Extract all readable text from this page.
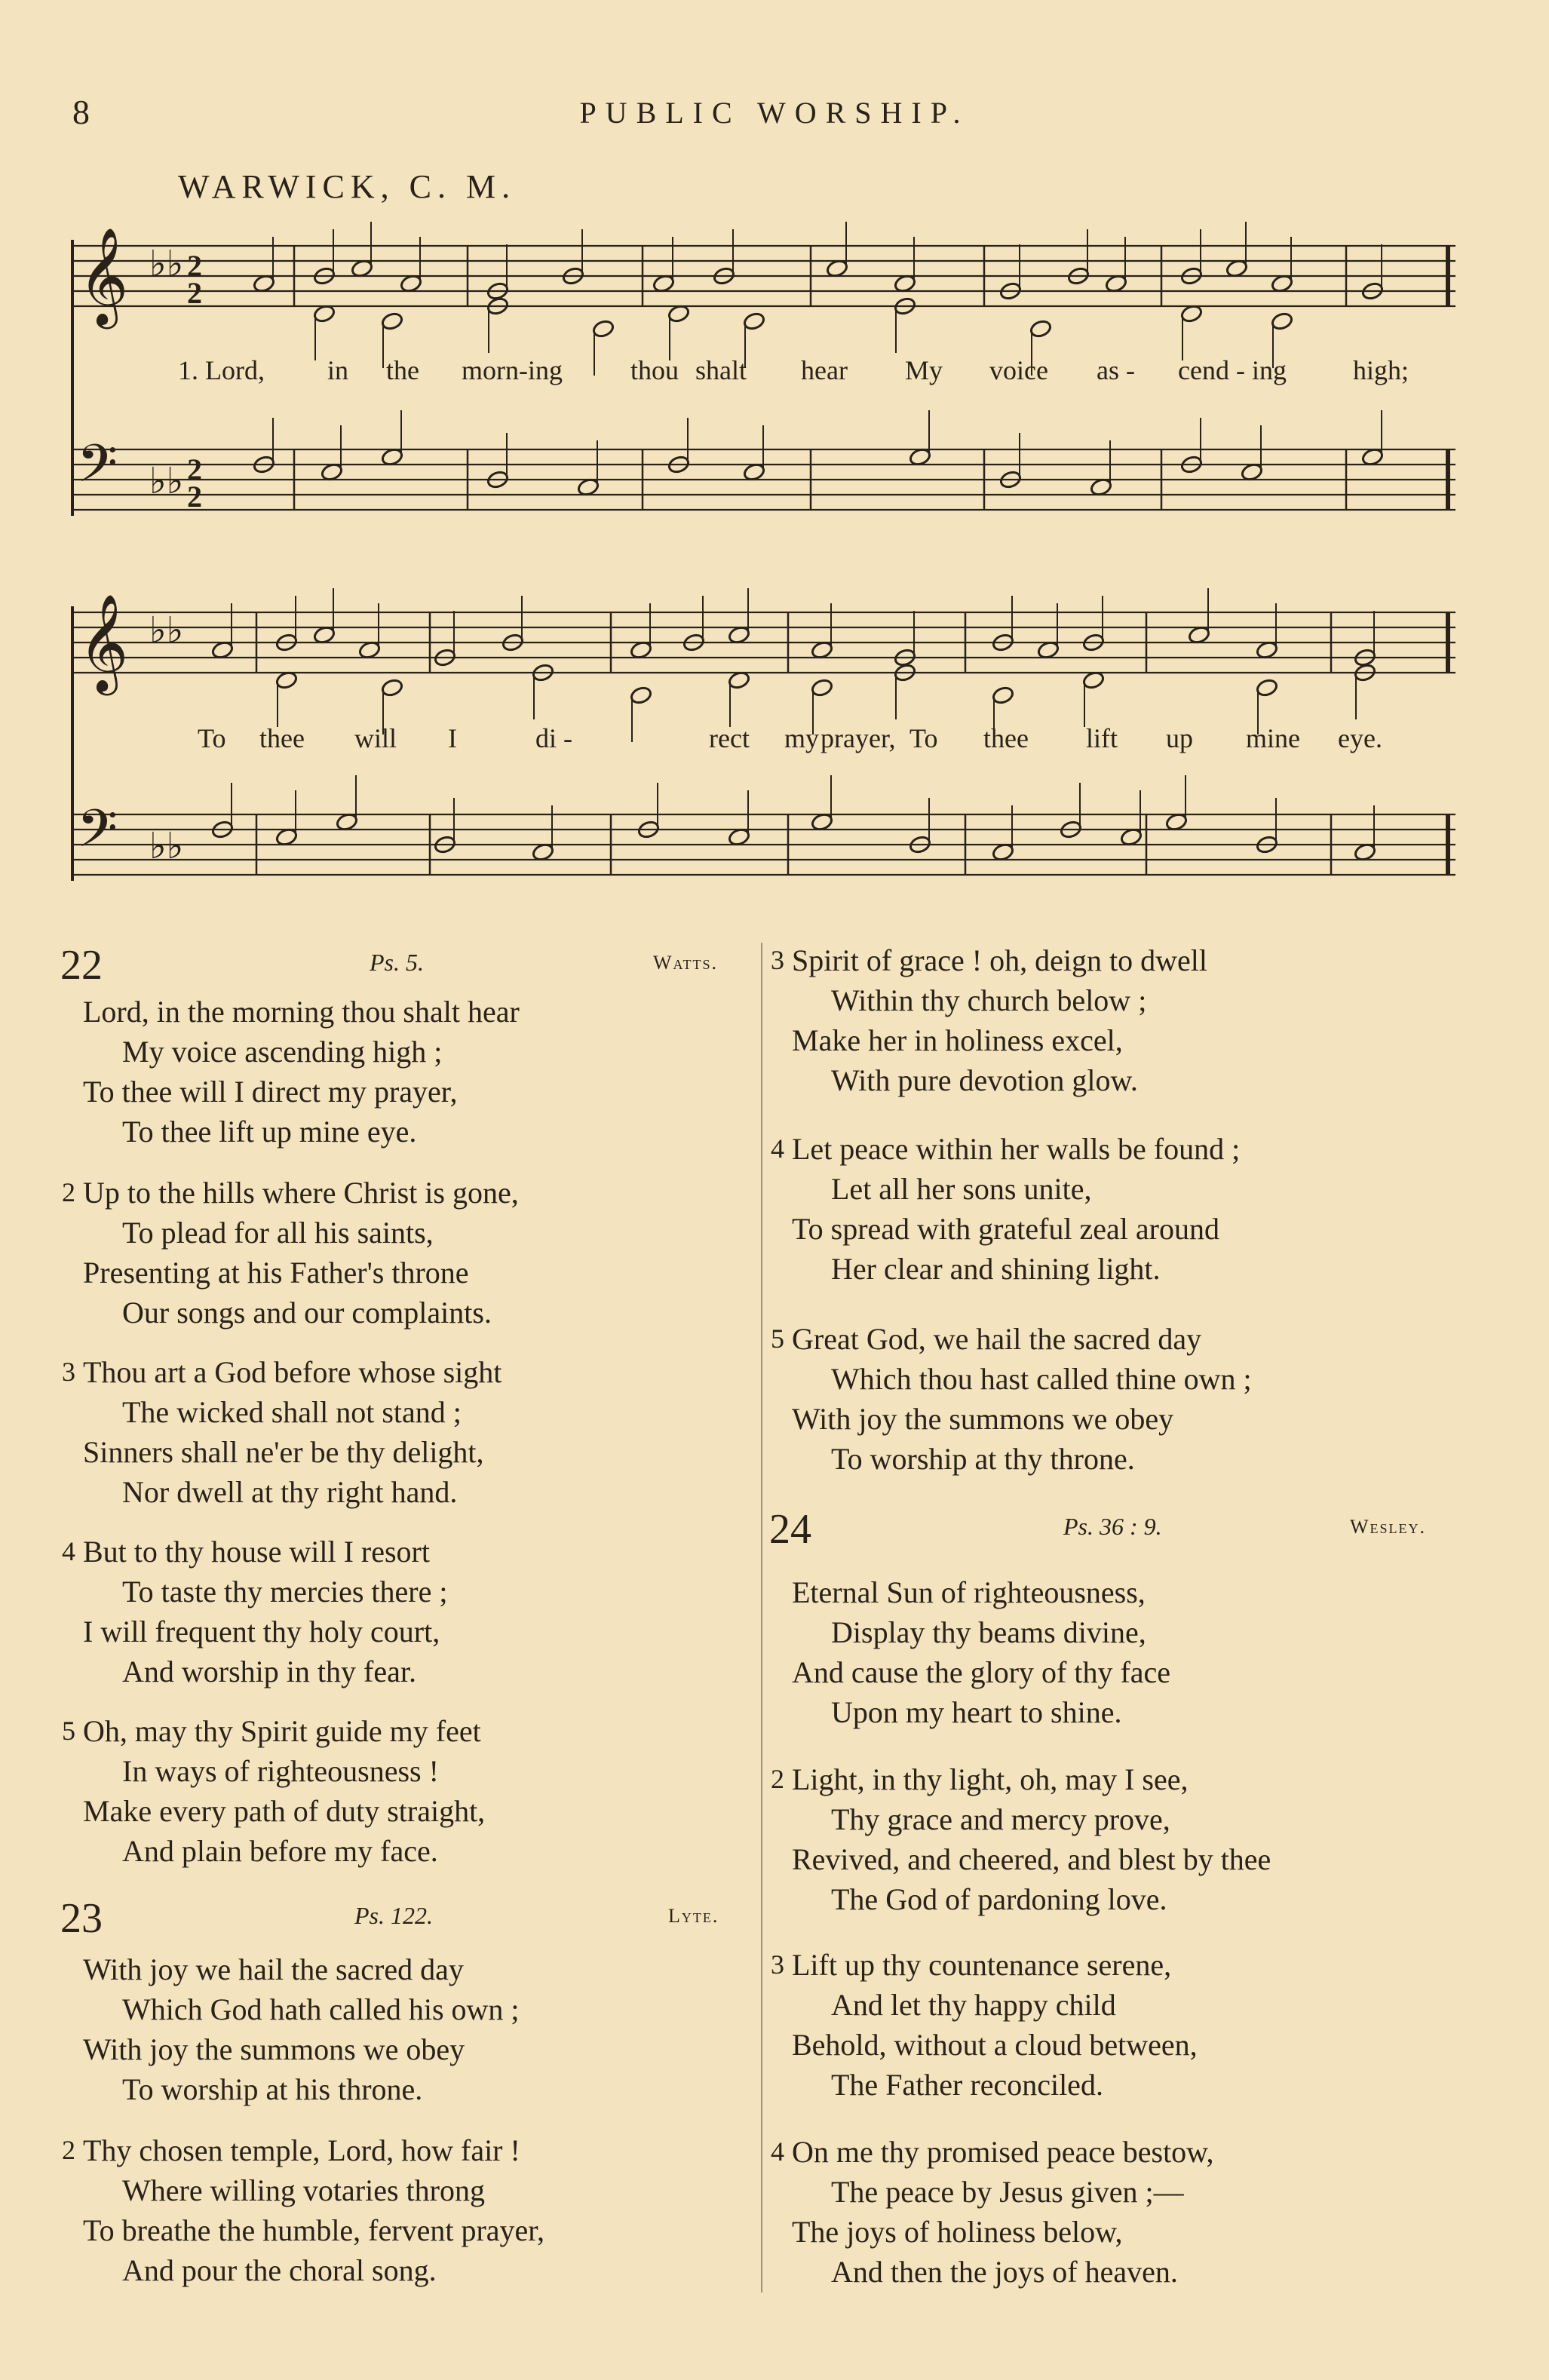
8	PUBLIC WORSHIP.
WARWICK, C. M.
𝄞
𝄢
♭♭
♭♭
2
2
2
2
𝄞
𝄢
♭♭
♭♭
1. Lord, in the morn-ing	thou shalt hear My voice as - cend - ing high;
To thee will I	di -	rect my prayer, To thee lift up mine eye.
22	Ps. 5.	Watts.
Lord, in the morning thou shalt hear
My voice ascending high ;
To thee will I direct my prayer,
To thee lift up mine eye.
2 Up to the hills where Christ is gone,
To plead for all his saints,
Presenting at his Father's throne
Our songs and our complaints.
3 Thou art a God before whose sight
The wicked shall not stand ;
Sinners shall ne'er be thy delight,
Nor dwell at thy right hand.
4 But to thy house will I resort
To taste thy mercies there ;
I will frequent thy holy court,
And worship in thy fear.
5 Oh, may thy Spirit guide my feet
In ways of righteousness !
Make every path of duty straight,
And plain before my face.
23	Ps. 122.	Lyte.
With joy we hail the sacred day
Which God hath called his own ;
With joy the summons we obey
To worship at his throne.
2 Thy chosen temple, Lord, how fair !
Where willing votaries throng
To breathe the humble, fervent prayer,
And pour the choral song.
3 Spirit of grace ! oh, deign to dwell
Within thy church below ;
Make her in holiness excel,
With pure devotion glow.
4 Let peace within her walls be found ;
Let all her sons unite,
To spread with grateful zeal around
Her clear and shining light.
5 Great God, we hail the sacred day
Which thou hast called thine own ;
With joy the summons we obey
To worship at thy throne.
24	Ps. 36 : 9.	Wesley.
Eternal Sun of righteousness,
Display thy beams divine,
And cause the glory of thy face
Upon my heart to shine.
2 Light, in thy light, oh, may I see,
Thy grace and mercy prove,
Revived, and cheered, and blest by thee
The God of pardoning love.
3 Lift up thy countenance serene,
And let thy happy child
Behold, without a cloud between,
The Father reconciled.
4 On me thy promised peace bestow,
The peace by Jesus given ;—
The joys of holiness below,
And then the joys of heaven.
